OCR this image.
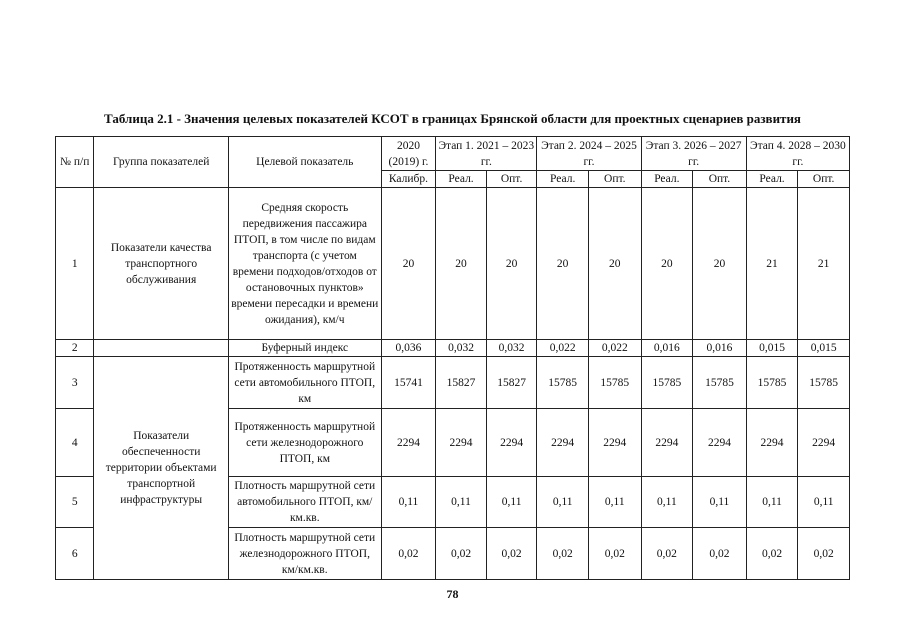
Таблица 2.1 - Значения целевых показателей КСОТ в границах Брянской области для проектных сценариев развития
№ п/п	Группа показателей	Целевой показатель	2020 (2019) г.	Этап 1. 2021 – 2023 гг.		Этап 2. 2024 – 2025 гг.		Этап 3. 2026 – 2027 гг.		Этап 4. 2028 – 2030 гг.	
			Калибр.	Реал.	Опт.	Реал.	Опт.	Реал.	Опт.	Реал.	Опт.
1	Показатели качества транспортного обслуживания	Средняя скорость передвижения пассажира ПТОП, в том числе по видам транспорта (с учетом времени подходов/отходов от остановочных пунктов» времени пересадки и времени ожидания), км/ч	20	20	20	20	20	20	20	21	21
2		Буферный индекс	0,036	0,032	0,032	0,022	0,022	0,016	0,016	0,015	0,015
3	Показатели обеспеченности территории объектами транспортной инфраструктуры	Протяженность маршрутной сети автомобильного ПТОП, км	15741	15827	15827	15785	15785	15785	15785	15785	15785
4		Протяженность маршрутной сети железнодорожного ПТОП, км	2294	2294	2294	2294	2294	2294	2294	2294	2294
5		Плотность маршрутной сети автомобильного ПТОП, км/км.кв.	0,11	0,11	0,11	0,11	0,11	0,11	0,11	0,11	0,11
6		Плотность маршрутной сети железнодорожного ПТОП, км/км.кв.	0,02	0,02	0,02	0,02	0,02	0,02	0,02	0,02	0,02
78
